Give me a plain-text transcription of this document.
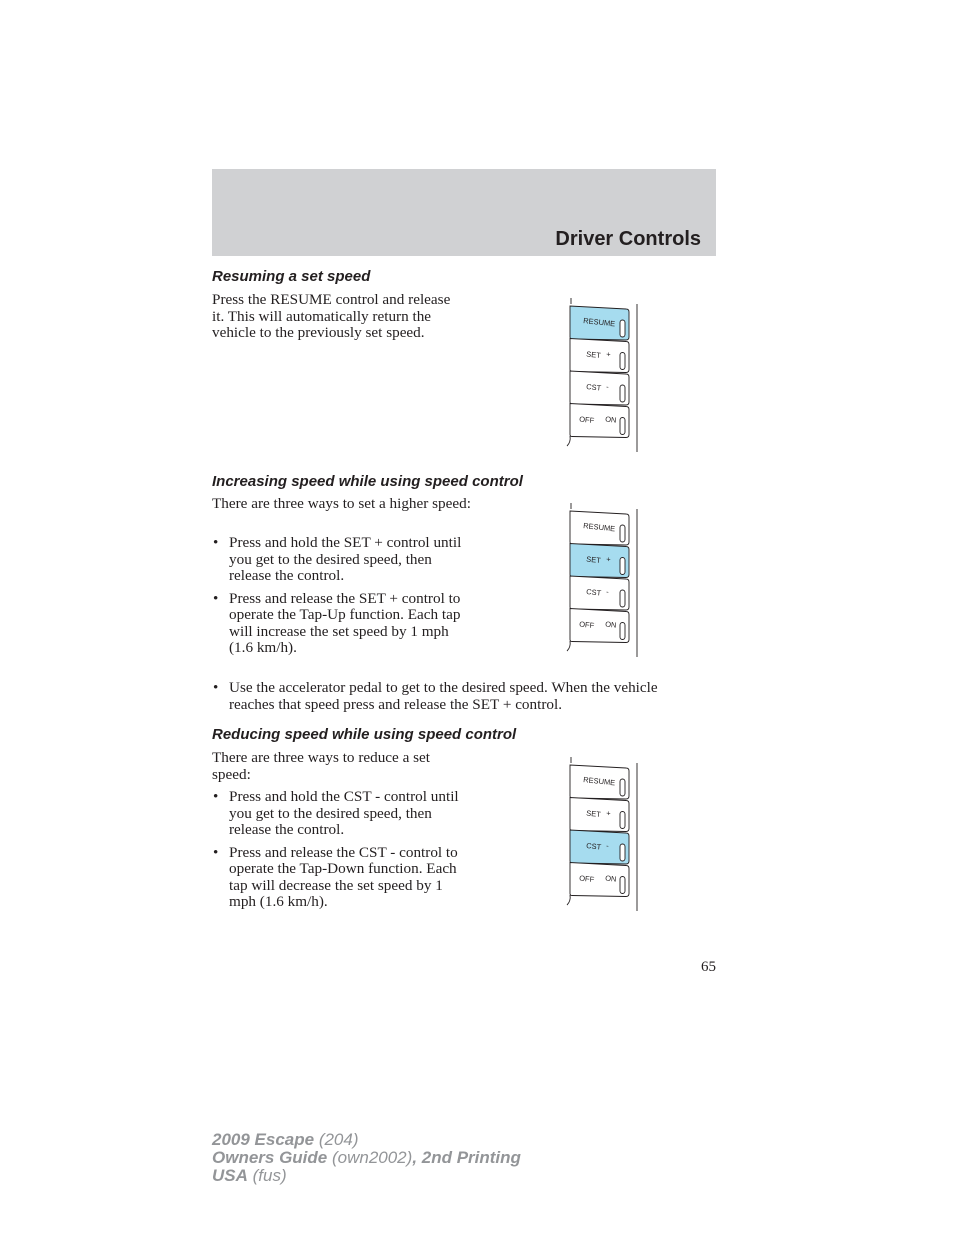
Driver Controls
Resuming a set speed

Press the RESUME control and release it. This will automatically return the vehicle to the previously set speed.

RESUME
SET +
CST -
OFF ON
Increasing speed while using speed control

There are three ways to set a higher speed:

• Press and hold the SET + control until you get to the desired speed, then release the control.
• Press and release the SET + control to operate the Tap-Up function. Each tap will increase the set speed by 1 mph (1.6 km/h).
• Use the accelerator pedal to get to the desired speed. When the vehicle reaches that speed press and release the SET + control.
RESUME
SET +
CST -
OFF ON
Reducing speed while using speed control

There are three ways to reduce a set speed:

• Press and hold the CST - control until you get to the desired speed, then release the control.
• Press and release the CST - control to operate the Tap-Down function. Each tap will decrease the set speed by 1 mph (1.6 km/h).
RESUME
SET +
CST -
OFF ON
65
2009 Escape (204)
Owners Guide (own2002), 2nd Printing
USA (fus)
